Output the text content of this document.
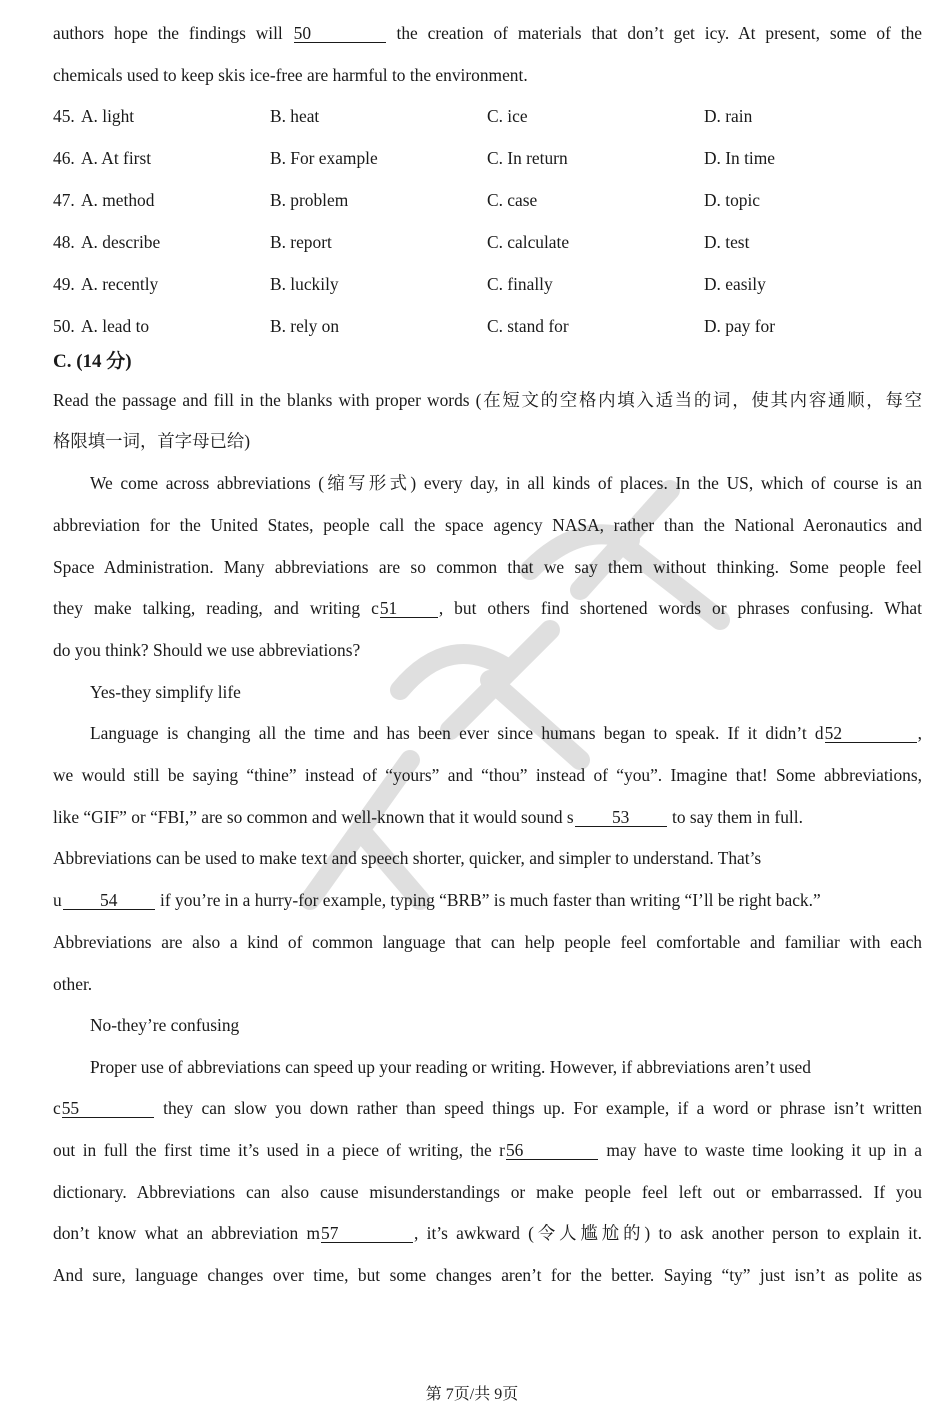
authors hope the findings will 50	the creation of materials that don’t get icy. At present, some of the
chemicals used to keep skis ice-free are harmful to the environment.
45. A. light	B. heat	C. ice	D. rain
46. A. At first	B. For example	C. In return	D. In time
47. A. method	B. problem	C. case	D. topic
48. A. describe	B. report	C. calculate	D. test
49. A. recently	B. luckily	C. finally	D. easily
50. A. lead to	B. rely on	C. stand for	D. pay for
C. (14 分)
Read the passage and fill in the blanks with proper words (在短文的空格内填入适当的词，使其内容通顺，每空
格限填一词，首字母已给)
We come across abbreviations (缩写形式) every day, in all kinds of places. In the US, which of course is an
abbreviation for the United States, people call the space agency NASA, rather than the National Aeronautics and
Space Administration. Many abbreviations are so common that we say them without thinking. Some people feel
they make talking, reading, and writing c51 , but others find shortened words or phrases confusing. What
do you think? Should we use abbreviations?
Yes-they simplify life
Language is changing all the time and has been ever since humans began to speak. If it didn’t d52	,
we would still be saying “thine” instead of “yours” and “thou” instead of “you”. Imagine that! Some abbreviations,
like “GIF” or “FBI,” are so common and well-known that it would sound s 53 to say them in full.
Abbreviations can be used to make text and speech shorter, quicker, and simpler to understand. That’s
u 54 if you’re in a hurry-for example, typing “BRB” is much faster than writing “I’ll be right back.”
Abbreviations are also a kind of common language that can help people feel comfortable and familiar with each
other.
No-they’re confusing
Proper use of abbreviations can speed up your reading or writing. However, if abbreviations aren’t used
c55	they can slow you down rather than speed things up. For example, if a word or phrase isn’t written
out in full the first time it’s used in a piece of writing, the r56	may have to waste time looking it up in a
dictionary. Abbreviations can also cause misunderstandings or make people feel left out or embarrassed. If you
don’t know what an abbreviation m57	, it’s awkward (令人尴尬的) to ask another person to explain it.
And sure, language changes over time, but some changes aren’t for the better. Saying “ty” just isn’t as polite as
第 7页/共 9页
